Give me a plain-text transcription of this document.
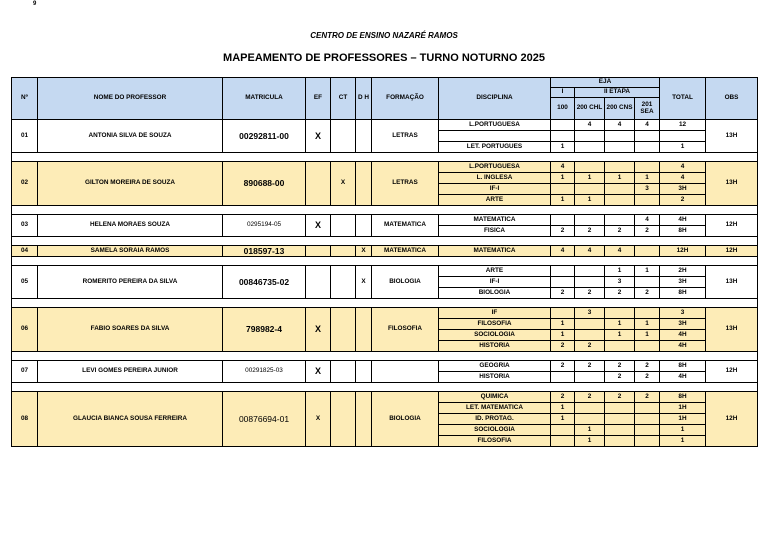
9
CENTRO DE ENSINO NAZARÉ RAMOS
MAPEAMENTO DE PROFESSORES – TURNO NOTURNO 2025
Nº	NOME DO PROFESSOR	MATRICULA	EF	CT	D H	FORMAÇÃO	DISCIPLINA	EJA				TOTAL	OBS
								I	II ETAPA				
								100	200 CHL	200 CNS	201 SEA		
01	ANTONIA SILVA DE SOUZA	00292811-00	X			LETRAS	L.PORTUGUESA		4	4	4	12	13H

							LET. PORTUGUES	1				1	

02	GILTON MOREIRA DE SOUZA	890688-00		X		LETRAS	L.PORTUGUESA	4				4	13H
							L. INGLESA	1	1	1	1	4	
							IF-I				3	3H	
							ARTE	1	1			2	

03	HELENA MORAES SOUZA	0295194-05	X			MATEMATICA	MATEMATICA				4	4H	12H
							FISICA	2	2	2	2	8H	

04	SAMELA SORAIA RAMOS	018597-13			X	MATEMATICA	MATEMATICA	4	4	4		12H	12H

05	ROMERITO PEREIRA DA SILVA	00846735-02			X	BIOLOGIA	ARTE			1	1	2H	13H
							IF-I			3		3H	
							BIOLOGIA	2	2	2	2	8H	

06	FABIO SOARES DA SILVA	798982-4	X			FILOSOFIA	IF		3			3	13H
							FILOSOFIA	1		1	1	3H	
							SOCIOLOGIA	1		1	1	4H	
							HISTORIA	2	2			4H	

07	LEVI GOMES PEREIRA JUNIOR	00291825-03	X				GEOGRIA	2	2	2	2	8H	12H
							HISTORIA			2	2	4H	

08	GLAUCIA BIANCA SOUSA FERREIRA	00876694-01	X			BIOLOGIA	QUIMICA	2	2	2	2	8H	12H
							LET. MATEMATICA	1				1H	
							ID. PROTAG.	1				1H	
							SOCIOLOGIA		1			1	
							FILOSOFIA		1			1	
